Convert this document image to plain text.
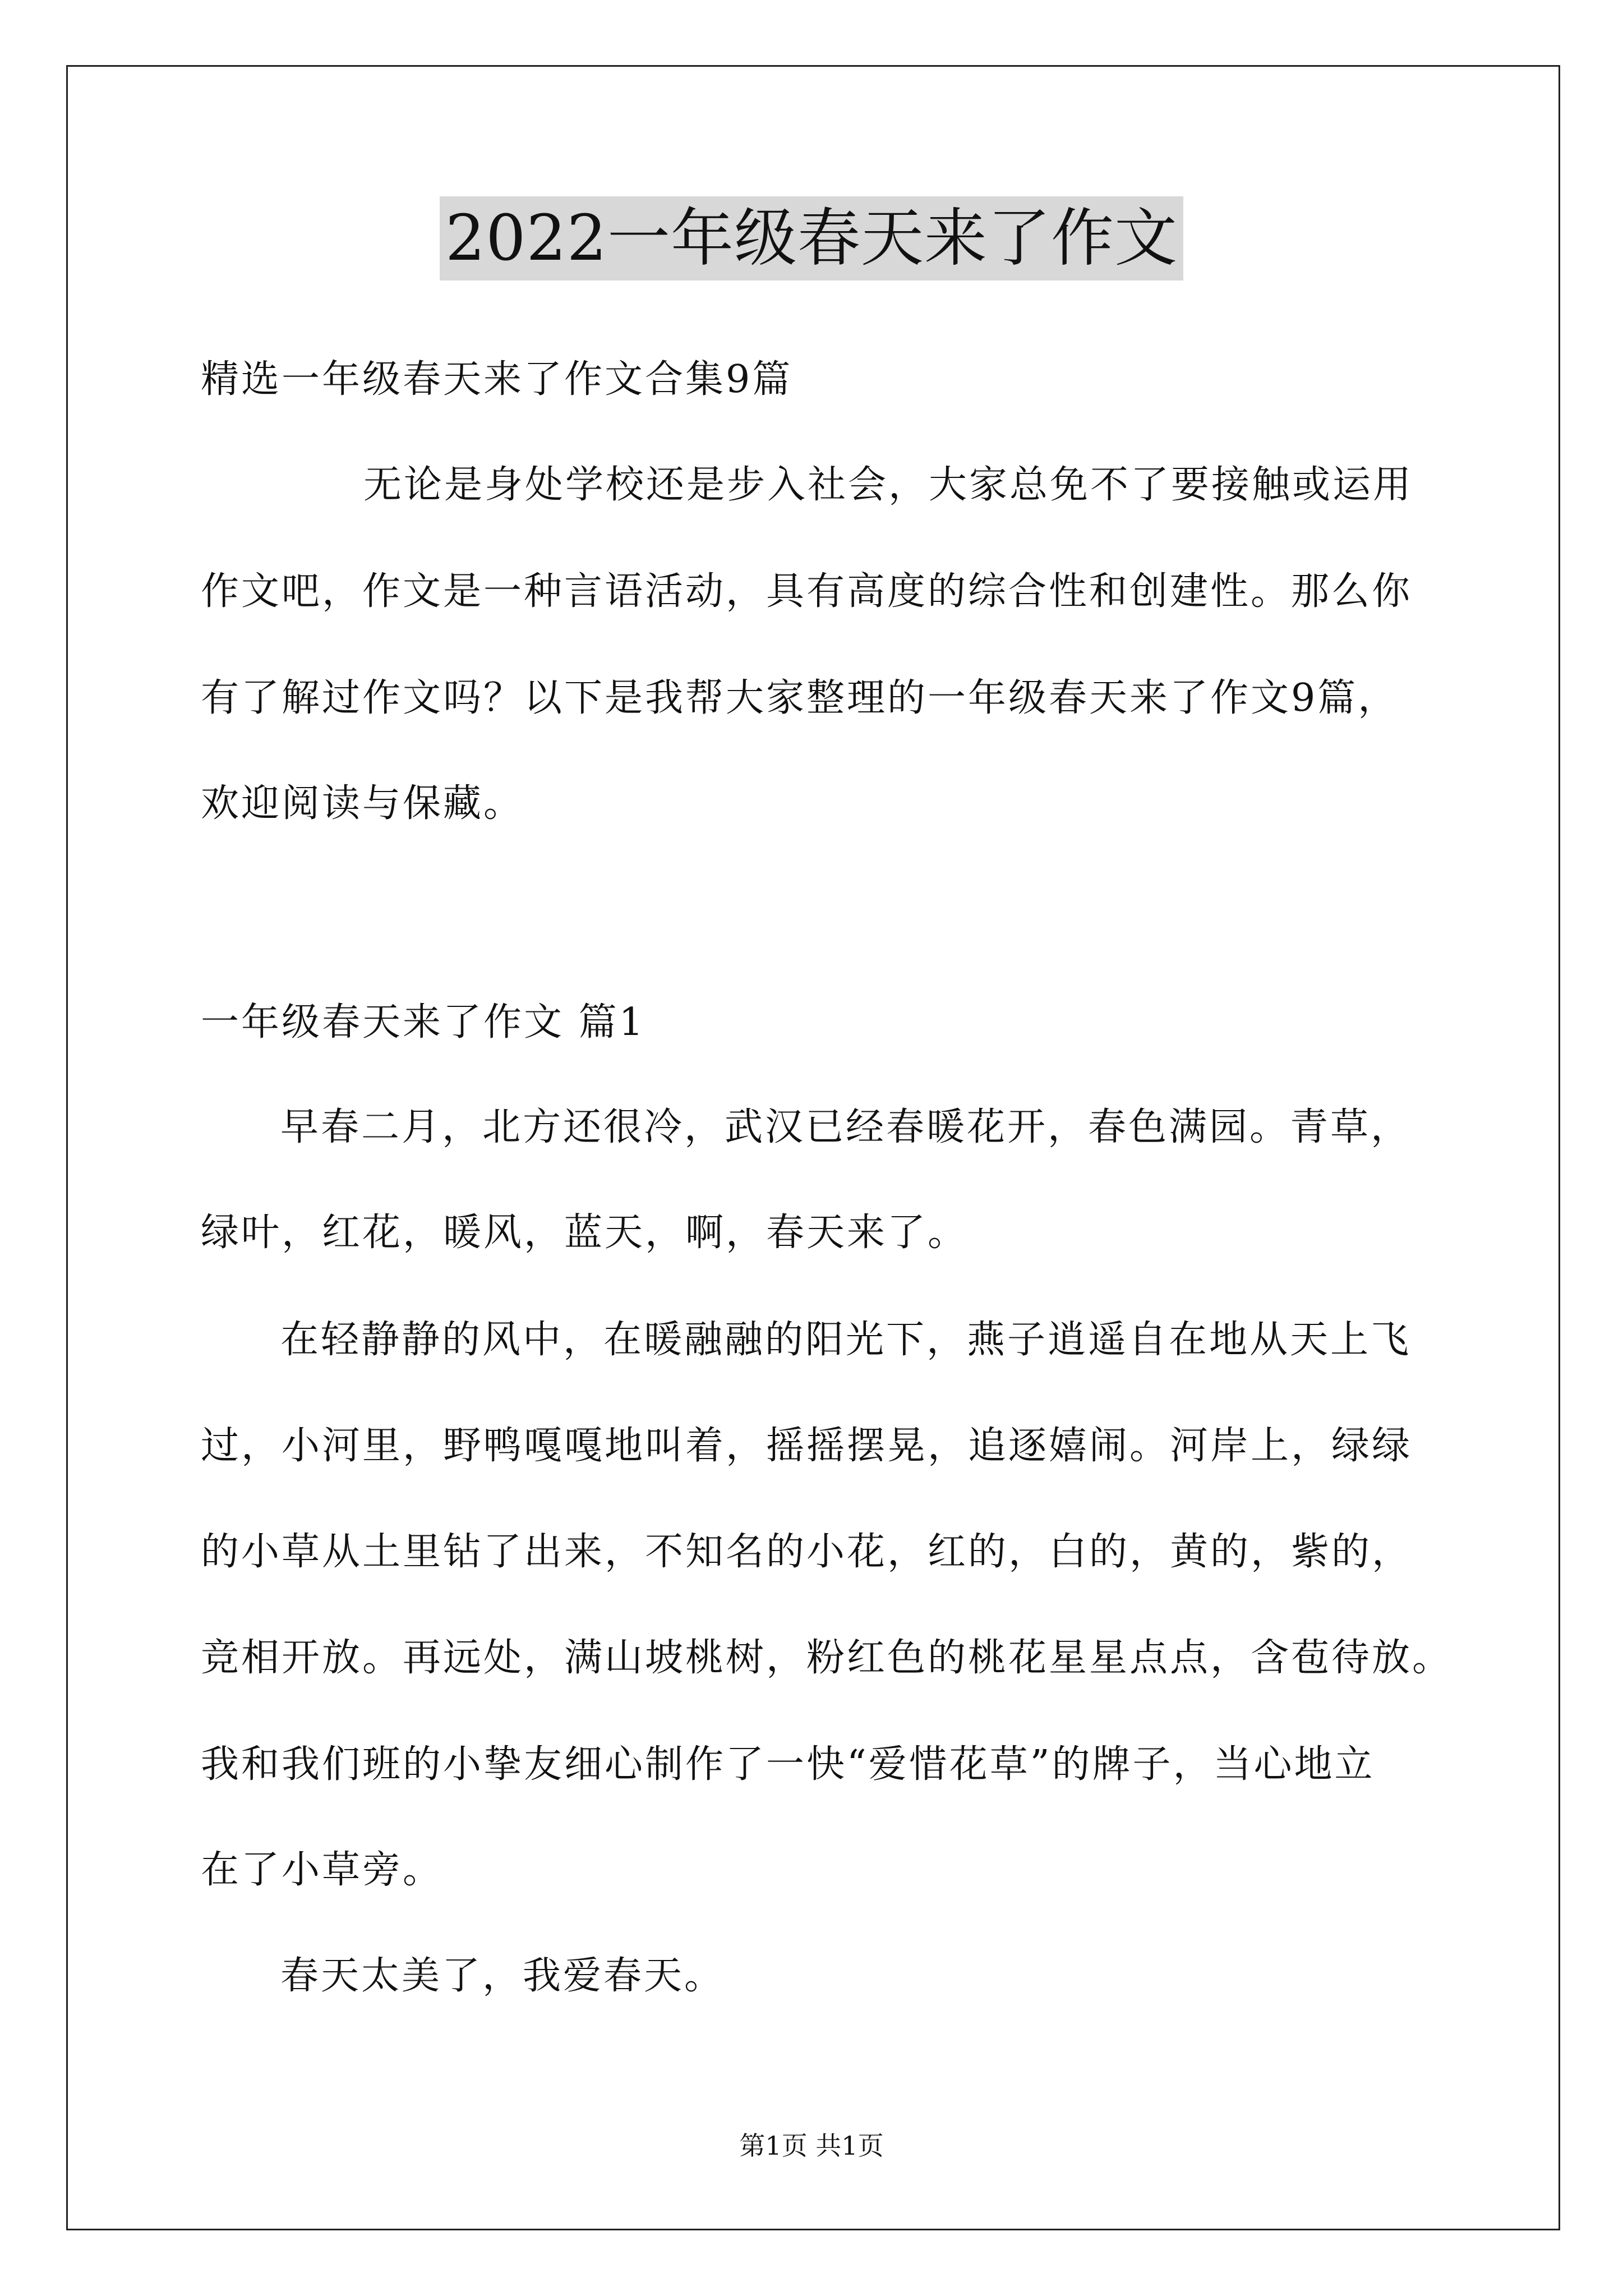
2022一年级春天来了作文
精选一年级春天来了作文合集9篇
无论是身处学校还是步入社会，大家总免不了要接触或运用
作文吧，作文是一种言语活动，具有高度的综合性和创建性。那么你
有了解过作文吗？以下是我帮大家整理的一年级春天来了作文9篇，
欢迎阅读与保藏。
一年级春天来了作文 篇1
早春二月，北方还很冷，武汉已经春暖花开，春色满园。青草，
绿叶，红花，暖风，蓝天，啊，春天来了。
在轻静静的风中，在暖融融的阳光下，燕子逍遥自在地从天上飞
过，小河里，野鸭嘎嘎地叫着，摇摇摆晃，追逐嬉闹。河岸上，绿绿
的小草从土里钻了出来，不知名的小花，红的，白的，黄的，紫的，
竞相开放。再远处，满山坡桃树，粉红色的桃花星星点点，含苞待放。
我和我们班的小挚友细心制作了一快“爱惜花草”的牌子，当心地立
在了小草旁。
春天太美了，我爱春天。
第1页 共1页
